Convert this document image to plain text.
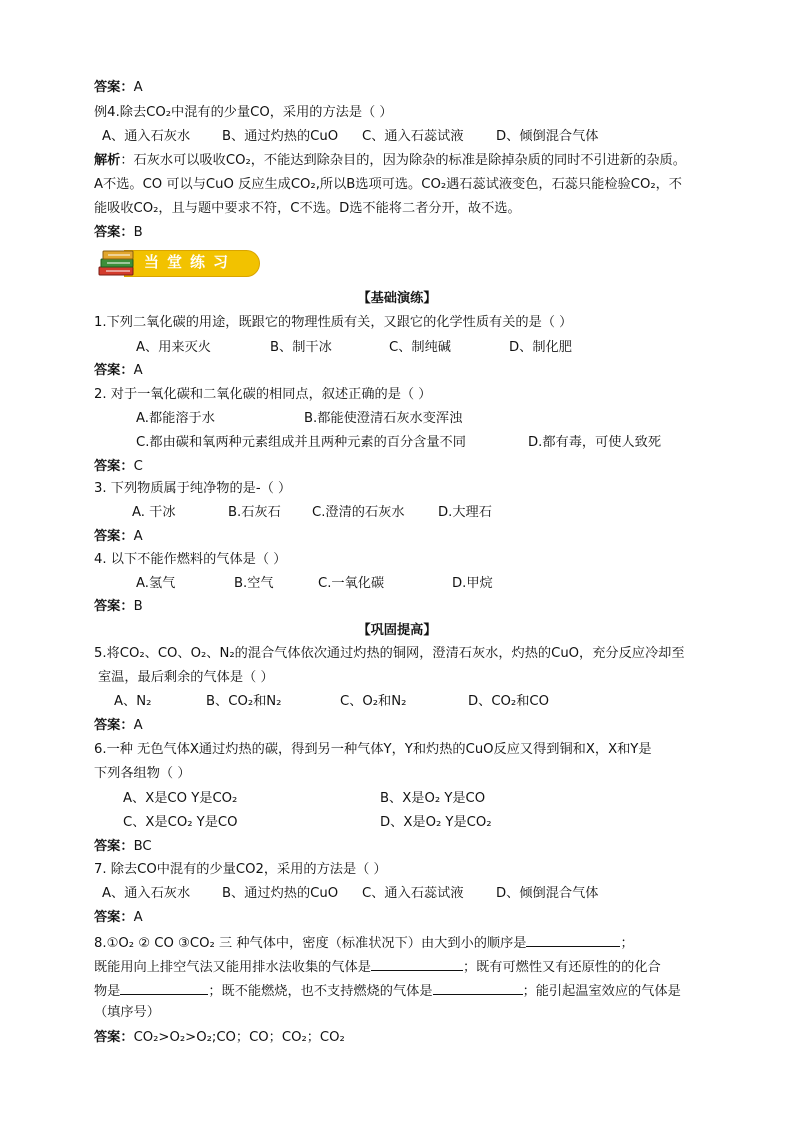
答案：A
例4.除去CO₂中混有的少量CO，采用的方法是（ ）
A、通入石灰水 B、通过灼热的CuO C、通入石蕊试液 D、倾倒混合气体
解析：石灰水可以吸收CO₂，不能达到除杂目的，因为除杂的标准是除掉杂质的同时不引进新的杂质。
A不选。CO 可以与CuO 反应生成CO₂,所以B选项可选。CO₂遇石蕊试液变色，石蕊只能检验CO₂，不
能吸收CO₂，且与题中要求不符，C不选。D选不能将二者分开，故不选。
答案：B
当堂练习
【基础演练】
1.下列二氧化碳的用途，既跟它的物理性质有关，又跟它的化学性质有关的是（ ）
A、用来灭火	B、制干冰	C、制纯碱	D、制化肥
答案：A
2. 对于一氧化碳和二氧化碳的相同点，叙述正确的是（ ）
A.都能溶于水	B.都能使澄清石灰水变浑浊
C.都由碳和氧两种元素组成并且两种元素的百分含量不同	D.都有毒，可使人致死
答案：C
3. 下列物质属于纯净物的是-（ ）
A. 干冰	B.石灰石 C.澄清的石灰水	D.大理石
答案：A
4. 以下不能作燃料的气体是（ ）
A.氢气	B.空气	C.一氧化碳	D.甲烷
答案：B
【巩固提高】
5.将CO₂、CO、O₂、N₂的混合气体依次通过灼热的铜网，澄清石灰水，灼热的CuO，充分反应冷却至
室温，最后剩余的气体是（ ）
A、N₂	B、CO₂和N₂	C、O₂和N₂	D、CO₂和CO
答案：A
6.一种 无色气体X通过灼热的碳，得到另一种气体Y，Y和灼热的CuO反应又得到铜和X，X和Y是
下列各组物（ ）
A、X是CO Y是CO₂	B、X是O₂ Y是CO
C、X是CO₂ Y是CO	D、X是O₂ Y是CO₂
答案：BC
7. 除去CO中混有的少量CO2，采用的方法是（ ）
A、通入石灰水 B、通过灼热的CuO C、通入石蕊试液 D、倾倒混合气体
答案：A
8.①O₂ ② CO ③CO₂ 三 种气体中，密度（标准状况下）由大到小的顺序是	；
既能用向上排空气法又能用排水法收集的气体是	；既有可燃性又有还原性的的化合
物是	；既不能燃烧，也不支持燃烧的气体是	；能引起温室效应的气体是
（填序号）
答案：CO₂>O₂>O₂;CO；CO；CO₂；CO₂
